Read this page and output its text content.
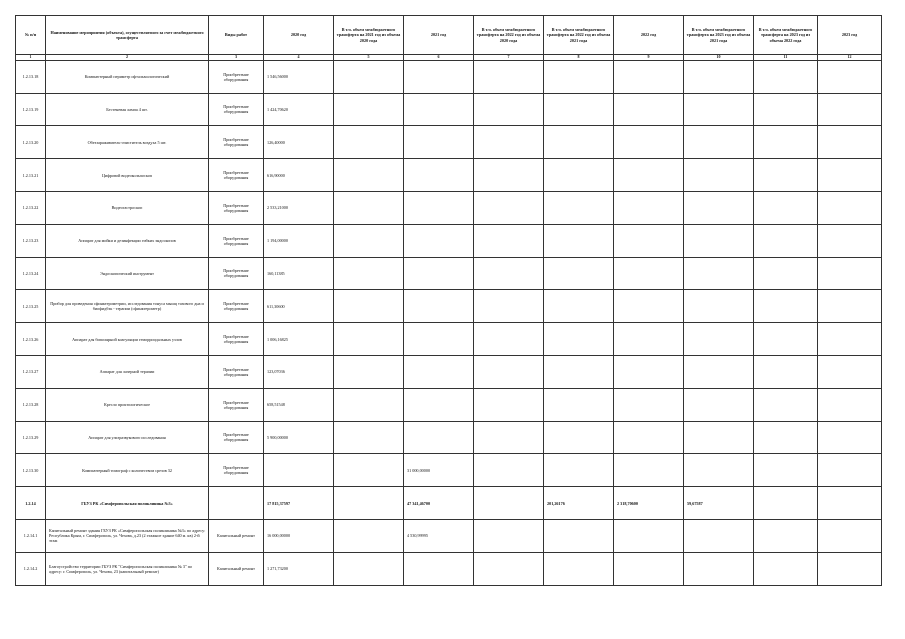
№ п/п	Наименование мероприятия (объекта), осуществляемого за счет межбюджетного трансферта	Виды работ	2020 год	В т.ч. объем межбюджетного трансферта на 2021 год из объема 2020 года	2021 год	В т.ч. объем межбюджетного трансферта на 2022 год из объема 2020 года	В т.ч. объем межбюджетного трансферта на 2022 год из объема 2021 года	2022 год	В т.ч. объем межбюджетного трансферта на 2023 год из объема 2021 года	В т.ч. объем межбюджетного трансферта на 2023 год из объема 2022 года	2023 год
1	2	3	4	5	6	7	8	9	10	11	12
1.2.13.18	Компьютерный периметр офтальмологический	Приобретение оборудования	1 546,56000								
1.2.13.19	Бестеневая лампа 4 шт.	Приобретение оборудования	1 424,70620								
1.2.13.20	Обеззараживатель-очиститель воздуха 5 шт.	Приобретение оборудования	126,40000								
1.2.13.21	Цифровой видеокольпоскоп	Приобретение оборудования	616,90000								
1.2.13.22	Видеогастроскоп	Приобретение оборудования	2 533,21000								
1.2.13.23	Аппарат для мойки и дезинфекции гибких эндоскопов	Приобретение оборудования	1 194,00000								
1.2.13.24	Эндоскопический инструмент	Приобретение оборудования	160,11385								
1.2.13.25	Прибор для проведения сфинктерометрии, исследования тонуса мышц тазового дна и биофидбэк - терапии (сфинктерометр)	Приобретение оборудования	611,30600								
1.2.13.26	Аппарат для биполярной коагуляции геморроидальных узлов	Приобретение оборудования	1 006,16825								
1.2.13.27	Аппарат для лазерной терапии	Приобретение оборудования	123,07036								
1.2.13.28	Кресло проктологическое	Приобретение оборудования	658,51548								
1.2.13.29	Аппарат для ультразвукового исследования	Приобретение оборудования	5 900,00000								
1.2.13.30	Компьютерный томограф с количеством срезов 32	Приобретение оборудования			31 000,00000						
1.2.14	ГБУЗ РК «Симферопольская поликлиника №3»		17 815,37597		47 341,46700		201,26176	2 318,70600	59,67587		
1.2.14.1	Капитальный ремонт здания ГБУЗ РК «Симферопольская поликлиника №3» по адресу: Республика Крым, г. Симферополь, ул. Чехова, д.23 (2 этажное здание 640 м. кв) 2-й этаж	Капитальный ремонт	16 000,00000		4 530,99995						
1.2.14.2	Благоустройство территории ГБУЗ РК "Симферопольская поликлиника № 3" по адресу: г. Симферополь, ул. Чехова, 23 (капитальный ремонт)	Капитальный ремонт	1 271,73200								
